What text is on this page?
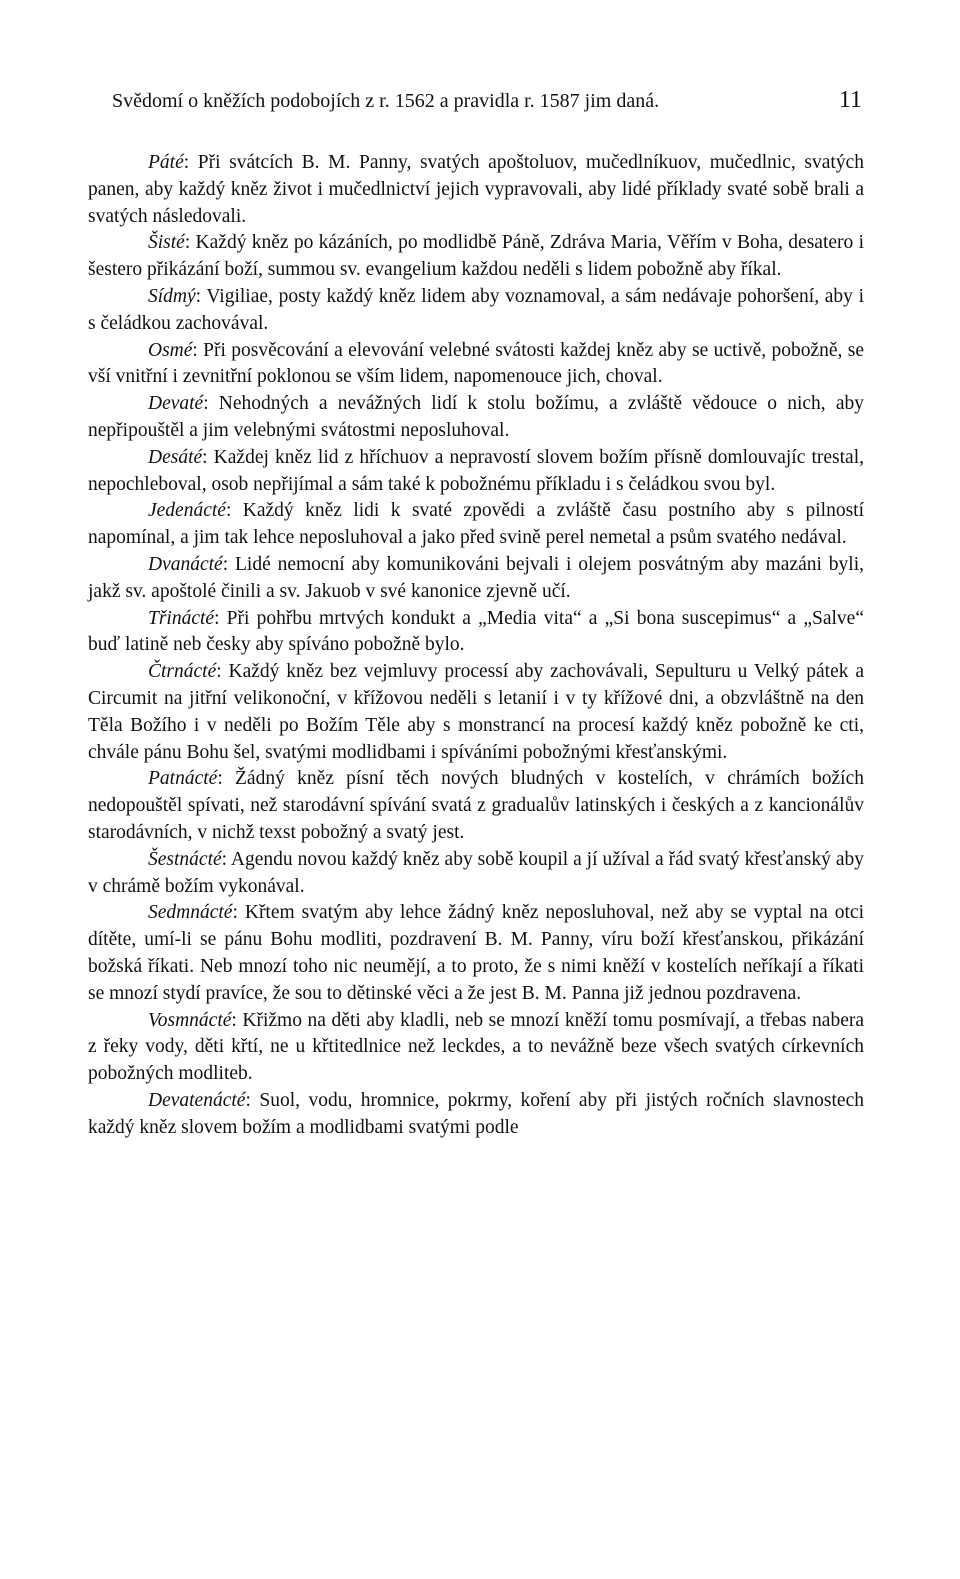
Svědomí o kněžích podobojích z r. 1562 a pravidla r. 1587 jim daná.	11

Páté: Při svátcích B. M. Panny, svatých apoštoluov, mučedlníkuov, mučedlnic, svatých panen, aby každý kněz život i mučedlnictví jejich vypravovali, aby lidé příklady svaté sobě brali a svatých následovali.

Šisté: Každý kněz po kázáních, po modlidbě Páně, Zdráva Maria, Věřím v Boha, desatero i šestero přikázání boží, summou sv. evangelium každou neděli s lidem pobožně aby říkal.

Sídmý: Vigiliae, posty každý kněz lidem aby voznamoval, a sám nedávaje pohoršení, aby i s čeládkou zachovával.

Osmé: Při posvěcování a elevování velebné svátosti každej kněz aby se uctivě, pobožně, se vší vnitřní i zevnitřní poklonou se vším lidem, napomenouce jich, choval.

Devaté: Nehodných a nevážných lidí k stolu božímu, a zvláště vědouce o nich, aby nepřipouštěl a jim velebnými svátostmi neposluhoval.

Desáté: Každej kněz lid z hříchuov a nepravostí slovem božím přísně domlouvajíc trestal, nepochleboval, osob nepřijímal a sám také k pobožnému příkladu i s čeládkou svou byl.

Jedenácté: Každý kněz lidi k svaté zpovědi a zvláště času postního aby s pilností napomínal, a jim tak lehce neposluhoval a jako před svině perel nemetal a psům svatého nedával.

Dvanácté: Lidé nemocní aby komunikováni bejvali i olejem posvátným aby mazáni byli, jakž sv. apoštolé činili a sv. Jakuob v své kanonice zjevně učí.

Třinácté: Při pohřbu mrtvých kondukt a „Media vita“ a „Si bona suscepimus“ a „Salve“ buď latině neb česky aby spíváno pobožně bylo.

Čtrnácté: Každý kněz bez vejmluvy processí aby zachovávali, Sepulturu u Velký pátek a Circumit na jitřní velikonoční, v křížovou neděli s letanií i v ty křížové dni, a obzvláštně na den Těla Božího i v neděli po Božím Těle aby s monstrancí na procesí každý kněz pobožně ke cti, chvále pánu Bohu šel, svatými modlidbami i spíváními pobožnými křesťanskými.

Patnácté: Žádný kněz písní těch nových bludných v kostelích, v chrámích božích nedopouštěl spívati, než starodávní spívání svatá z gradualův latinských i českých a z kancionálův starodávních, v nichž texst pobožný a svatý jest.

Šestnácté: Agendu novou každý kněz aby sobě koupil a jí užíval a řád svatý křesťanský aby v chrámě božím vykonával.

Sedmnácté: Křtem svatým aby lehce žádný kněz neposluhoval, než aby se vyptal na otci dítěte, umí-li se pánu Bohu modliti, pozdravení B. M. Panny, víru boží křesťanskou, přikázání božská říkati. Neb mnozí toho nic neumějí, a to proto, že s nimi kněží v kostelích neříkají a říkati se mnozí stydí pravíce, že sou to dětinské věci a že jest B. M. Panna již jednou pozdravena.

Vosmnácté: Křižmo na děti aby kladli, neb se mnozí kněží tomu posmívají, a třebas nabera z řeky vody, děti křtí, ne u křtitedlnice než leckdes, a to nevážně beze všech svatých církevních pobožných modliteb.

Devatenácté: Suol, vodu, hromnice, pokrmy, koření aby při jistých ročních slavnostech každý kněz slovem božím a modlidbami svatými podle
